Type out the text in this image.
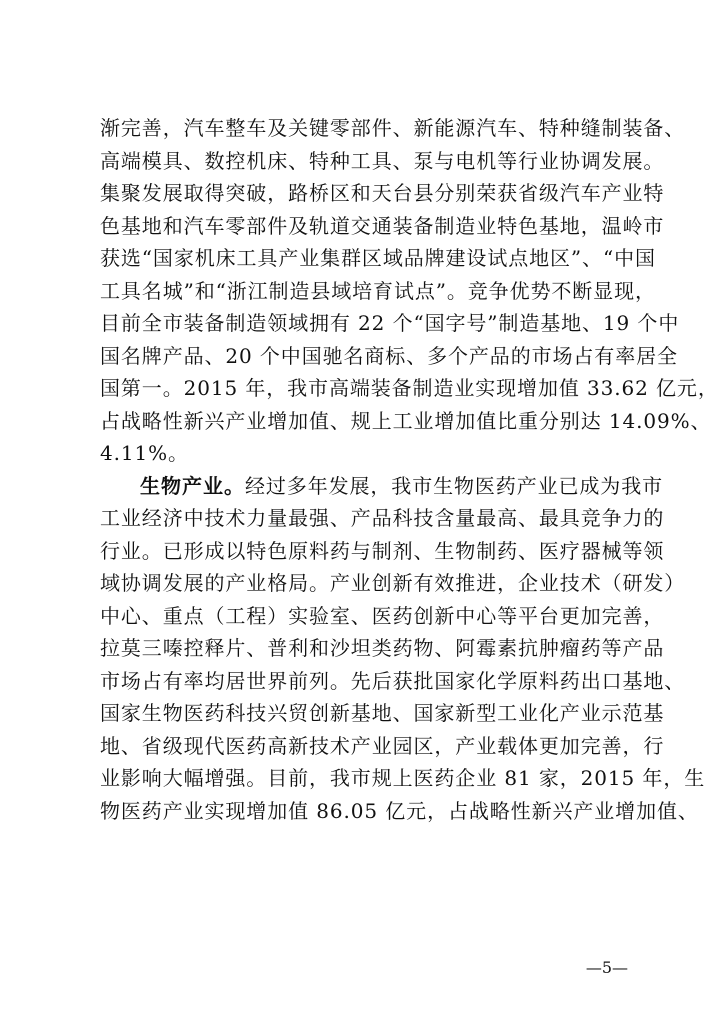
渐完善，汽车整车及关键零部件、新能源汽车、特种缝制装备、
高端模具、数控机床、特种工具、泵与电机等行业协调发展。
集聚发展取得突破，路桥区和天台县分别荣获省级汽车产业特
色基地和汽车零部件及轨道交通装备制造业特色基地，温岭市
获选“国家机床工具产业集群区域品牌建设试点地区”、“中国
工具名城”和“浙江制造县域培育试点”。竞争优势不断显现，
目前全市装备制造领域拥有 22 个“国字号”制造基地、19 个中
国名牌产品、20 个中国驰名商标、多个产品的市场占有率居全
国第一。2015 年，我市高端装备制造业实现增加值 33.62 亿元，
占战略性新兴产业增加值、规上工业增加值比重分别达 14.09%、
4.11%。
生物产业。经过多年发展，我市生物医药产业已成为我市
工业经济中技术力量最强、产品科技含量最高、最具竞争力的
行业。已形成以特色原料药与制剂、生物制药、医疗器械等领
域协调发展的产业格局。产业创新有效推进，企业技术（研发）
中心、重点（工程）实验室、医药创新中心等平台更加完善，
拉莫三嗪控释片、普利和沙坦类药物、阿霉素抗肿瘤药等产品
市场占有率均居世界前列。先后获批国家化学原料药出口基地、
国家生物医药科技兴贸创新基地、国家新型工业化产业示范基
地、省级现代医药高新技术产业园区，产业载体更加完善，行
业影响大幅增强。目前，我市规上医药企业 81 家，2015 年，生
物医药产业实现增加值 86.05 亿元，占战略性新兴产业增加值、
—5—
